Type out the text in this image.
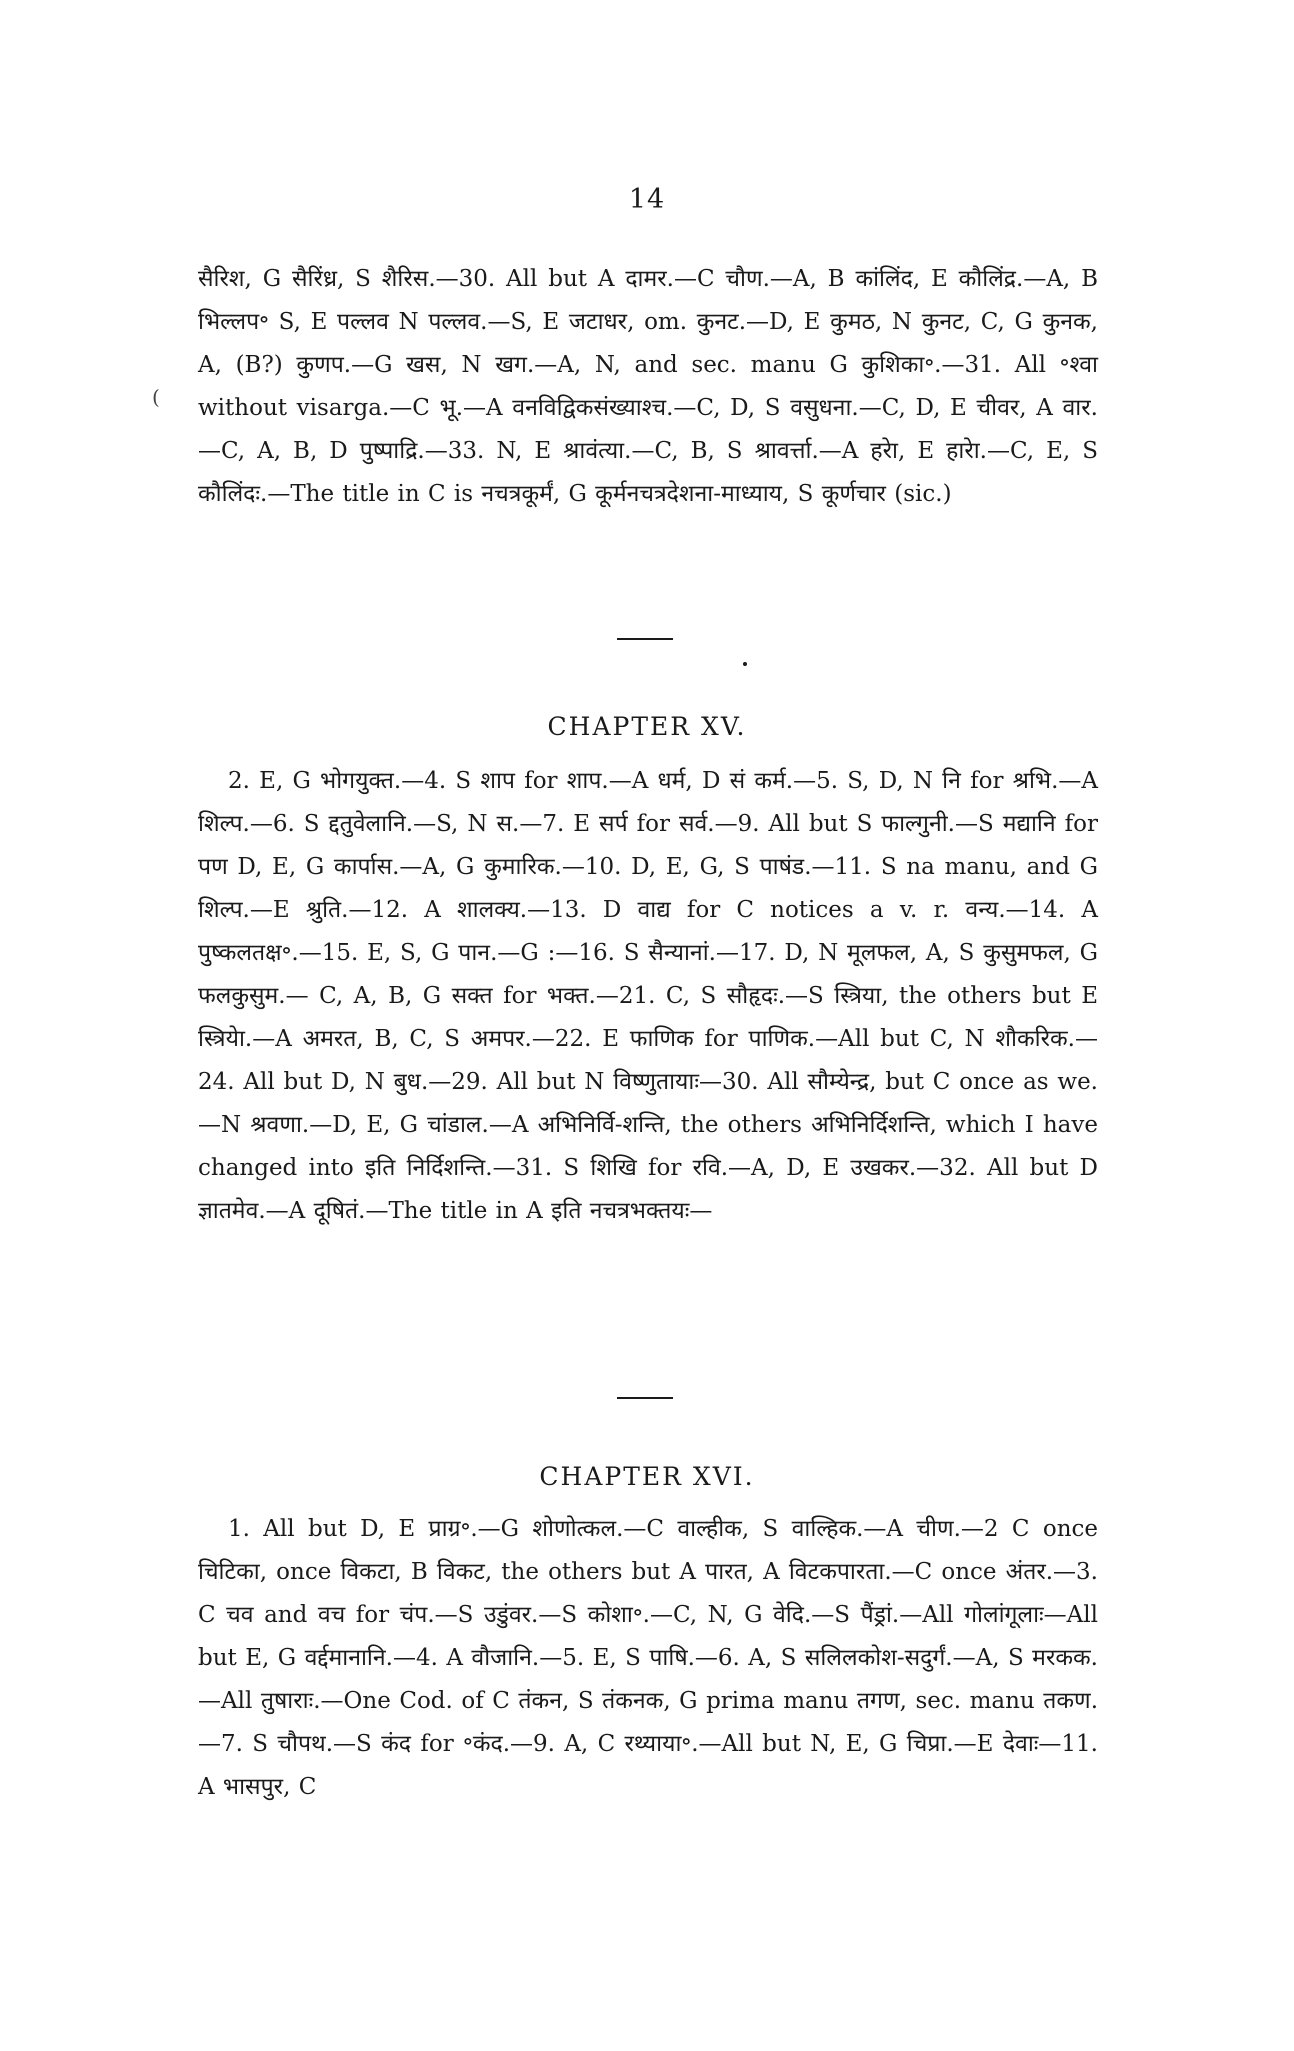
14
(

सैरिश, G सैरिंध्र, S शैरिस.—30. All but A दामर.—C चौण.—A, B कांलिंद, E कौलिंद्र.—A, B भिल्लप॰ S, E पल्लव N पल्लव.—S, E जटाधर, om. कुनट.—D, E कुमठ, N कुनट, C, G कुनक, A, (B?) कुणप.—G खस, N खग.—A, N, and sec. manu G कुशिका॰.—31. All ॰श्वा without visarga.—C भू.—A वनविद्विकसंख्याश्च.—C, D, S वसुधना.—C, D, E चीवर, A वार.—C, A, B, D पुष्पाद्रि.—33. N, E श्रावंत्या.—C, B, S श्रावर्त्ता.—A हरेा, E हारेा.—C, E, S कौलिंदः.—The title in C is नचत्रकूर्मं, G कूर्मनचत्रदेशना-माध्याय, S कूर्णचार (sic.)

CHAPTER XV.

2. E, G भोगयुक्त.—4. S शाप for शाप.—A धर्म, D सं कर्म.—5. S, D, N नि for श्रभि.—A शिल्प.—6. S द्दतुवेलानि.—S, N स.—7. E सर्प for सर्व.—9. All but S फाल्गुनी.—S मद्यानि for पण D, E, G कार्पास.—A, G कुमारिक.—10. D, E, G, S पाषंड.—11. S na manu, and G शिल्प.—E श्रुति.—12. A शालक्य.—13. D वाद्य for C notices a v. r. वन्य.—14. A पुष्कलतक्ष॰.—15. E, S, G पान.—G :—16. S सैन्यानां.—17. D, N मूलफल, A, S कुसुमफल, G फलकुसुम.— C, A, B, G सक्त for भक्त.—21. C, S सौहृदः.—S स्त्रिया, the others but E स्त्रियेा.—A अमरत, B, C, S अमपर.—22. E फाणिक for पाणिक.—All but C, N शौकरिक.—24. All but D, N बुध.—29. All but N विष्णुतायाः—30. All सौम्येन्द्र, but C once as we.—N श्रवणा.—D, E, G चांडाल.—A अभिनिर्वि-शन्ति, the others अभिनिर्दिशन्ति, which I have changed into इति निर्दिशन्ति.—31. S शिखि for रवि.—A, D, E उखकर.—32. All but D ज्ञातमेव.—A दूषितं.—The title in A इति नचत्रभक्तयः—

CHAPTER XVI.

1. All but D, E प्राग्र॰.—G शोणोत्कल.—C वाल्हीक, S वाल्हिक.—A चीण.—2 C once चिटिका, once विकटा, B विकट, the others but A पारत, A विटकपारता.—C once अंतर.—3. C चव and वच for चंप.—S उडुंवर.—S कोशा॰.—C, N, G वेदि.—S पैंड्रां.—All गोलांगूलाः—All but E, G वर्द्दमानानि.—4. A वौजानि.—5. E, S पाषि.—6. A, S सलिलकोश-सदुर्गं.—A, S मरकक.—All तुषाराः.—One Cod. of C तंकन, S तंकनक, G prima manu तगण, sec. manu तकण.—7. S चौपथ.—S कंद for ॰कंद.—9. A, C रथ्याया॰.—All but N, E, G चिप्रा.—E देवाः—11. A भासपुर, C
